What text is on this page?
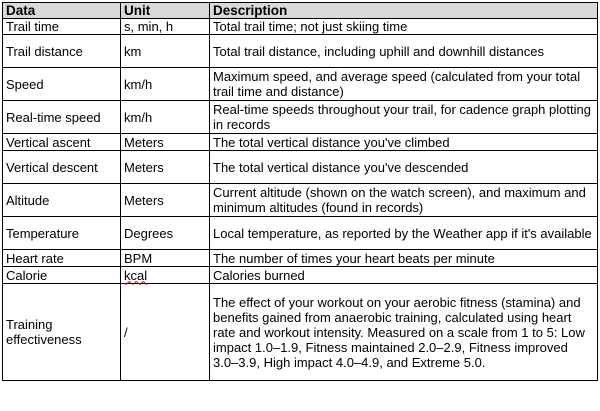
Data	Unit	Description
Trail time	s, min, h	Total trail time; not just skiing time
Trail distance	km	Total trail distance, including uphill and downhill distances
Speed	km/h	Maximum speed, and average speed (calculated from your total trail time and distance)
Real-time speed	km/h	Real-time speeds throughout your trail, for cadence graph plotting in records
Vertical ascent	Meters	The total vertical distance you've climbed
Vertical descent	Meters	The total vertical distance you've descended
Altitude	Meters	Current altitude (shown on the watch screen), and maximum and minimum altitudes (found in records)
Temperature	Degrees	Local temperature, as reported by the Weather app if it's available
Heart rate	BPM	The number of times your heart beats per minute
Calorie	kcal	Calories burned
Training effectiveness	/	The effect of your workout on your aerobic fitness (stamina) and benefits gained from anaerobic training, calculated using heart rate and workout intensity. Measured on a scale from 1 to 5: Low impact 1.0–1.9, Fitness maintained 2.0–2.9, Fitness improved 3.0–3.9, High impact 4.0–4.9, and Extreme 5.0.
